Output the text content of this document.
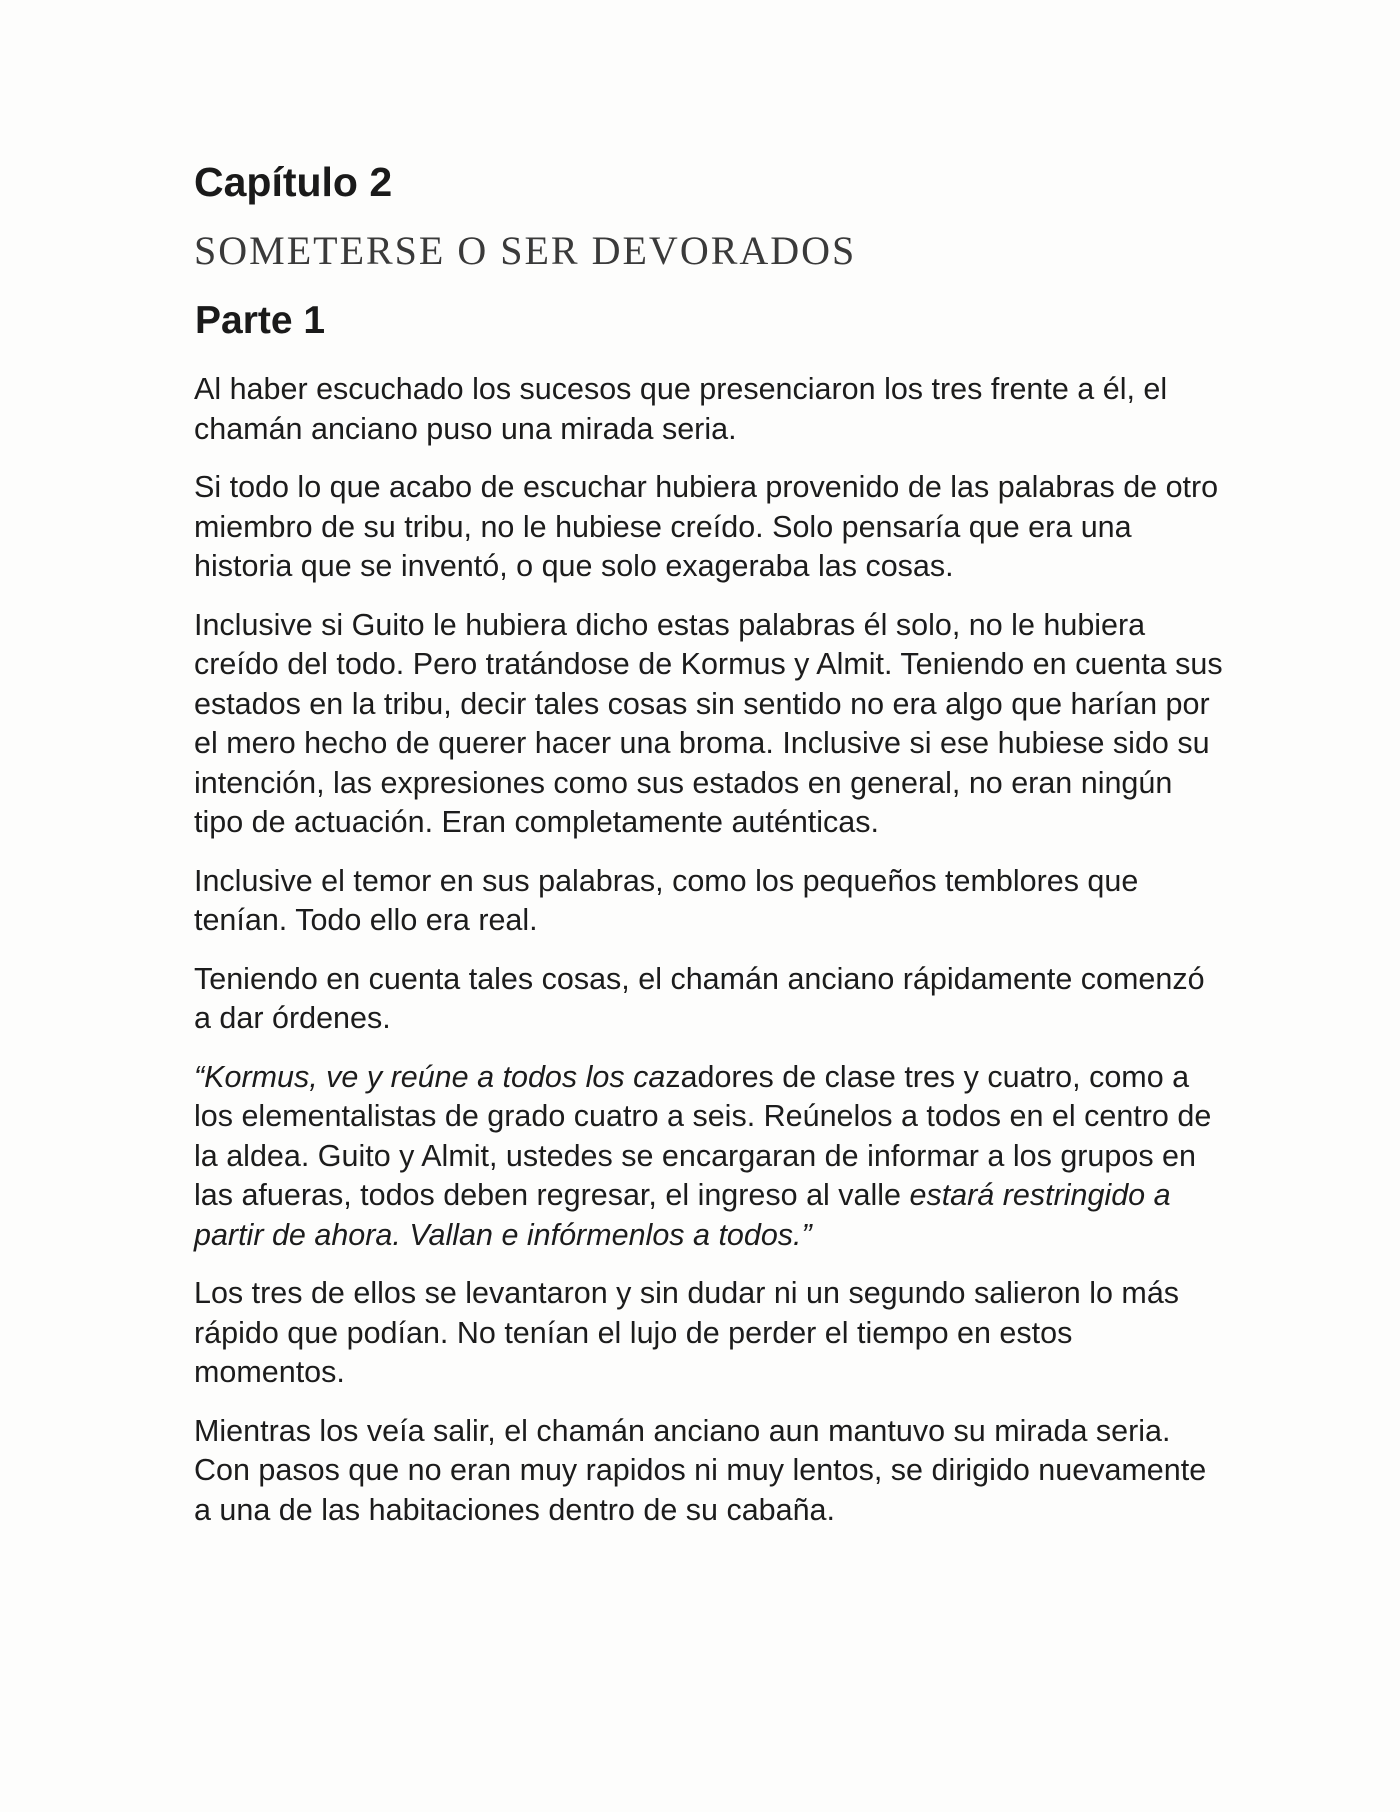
Capítulo 2
SOMETERSE O SER DEVORADOS
Parte 1

Al haber escuchado los sucesos que presenciaron los tres frente a él, el chamán anciano puso una mirada seria.

Si todo lo que acabo de escuchar hubiera provenido de las palabras de otro miembro de su tribu, no le hubiese creído. Solo pensaría que era una historia que se inventó, o que solo exageraba las cosas.

Inclusive si Guito le hubiera dicho estas palabras él solo, no le hubiera creído del todo. Pero tratándose de Kormus y Almit. Teniendo en cuenta sus estados en la tribu, decir tales cosas sin sentido no era algo que harían por el mero hecho de querer hacer una broma. Inclusive si ese hubiese sido su intención, las expresiones como sus estados en general, no eran ningún tipo de actuación. Eran completamente auténticas.

Inclusive el temor en sus palabras, como los pequeños temblores que tenían. Todo ello era real.

Teniendo en cuenta tales cosas, el chamán anciano rápidamente comenzó a dar órdenes.

“Kormus, ve y reúne a todos los cazadores de clase tres y cuatro, como a los elementalistas de grado cuatro a seis. Reúnelos a todos en el centro de la aldea. Guito y Almit, ustedes se encargaran de informar a los grupos en las afueras, todos deben regresar, el ingreso al valle estará restringido a partir de ahora. Vallan e infórmenlos a todos.”

Los tres de ellos se levantaron y sin dudar ni un segundo salieron lo más rápido que podían. No tenían el lujo de perder el tiempo en estos momentos.

Mientras los veía salir, el chamán anciano aun mantuvo su mirada seria. Con pasos que no eran muy rapidos ni muy lentos, se dirigido nuevamente a una de las habitaciones dentro de su cabaña.
